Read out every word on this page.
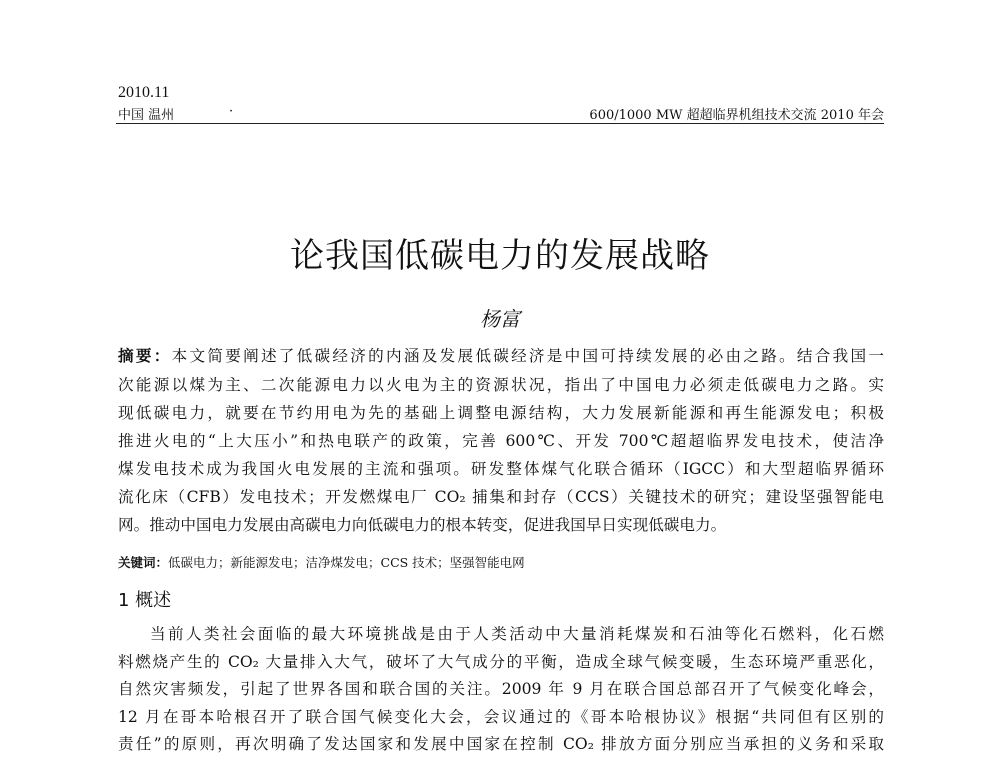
2010.11
中国 温州	·	600/1000 MW 超超临界机组技术交流 2010 年会
论我国低碳电力的发展战略
杨富
摘要：本文简要阐述了低碳经济的内涵及发展低碳经济是中国可持续发展的必由之路。结合我国一
次能源以煤为主、二次能源电力以火电为主的资源状况，指出了中国电力必须走低碳电力之路。实
现低碳电力，就要在节约用电为先的基础上调整电源结构，大力发展新能源和再生能源发电；积极
推进火电的“上大压小”和热电联产的政策，完善 600℃、开发 700℃超超临界发电技术，使洁净
煤发电技术成为我国火电发展的主流和强项。研发整体煤气化联合循环（IGCC）和大型超临界循环
流化床（CFB）发电技术；开发燃煤电厂 CO₂ 捕集和封存（CCS）关键技术的研究；建设坚强智能电
网。推动中国电力发展由高碳电力向低碳电力的根本转变，促进我国早日实现低碳电力。
关键词：低碳电力；新能源发电；洁净煤发电；CCS 技术；坚强智能电网
1 概述
当前人类社会面临的最大环境挑战是由于人类活动中大量消耗煤炭和石油等化石燃料，化石燃
料燃烧产生的 CO₂ 大量排入大气，破坏了大气成分的平衡，造成全球气候变暖，生态环境严重恶化，
自然灾害频发，引起了世界各国和联合国的关注。2009 年 9 月在联合国总部召开了气候变化峰会，
12 月在哥本哈根召开了联合国气候变化大会，会议通过的《哥本哈根协议》根据“共同但有区别的
责任”的原则，再次明确了发达国家和发展中国家在控制 CO₂ 排放方面分别应当承担的义务和采取
